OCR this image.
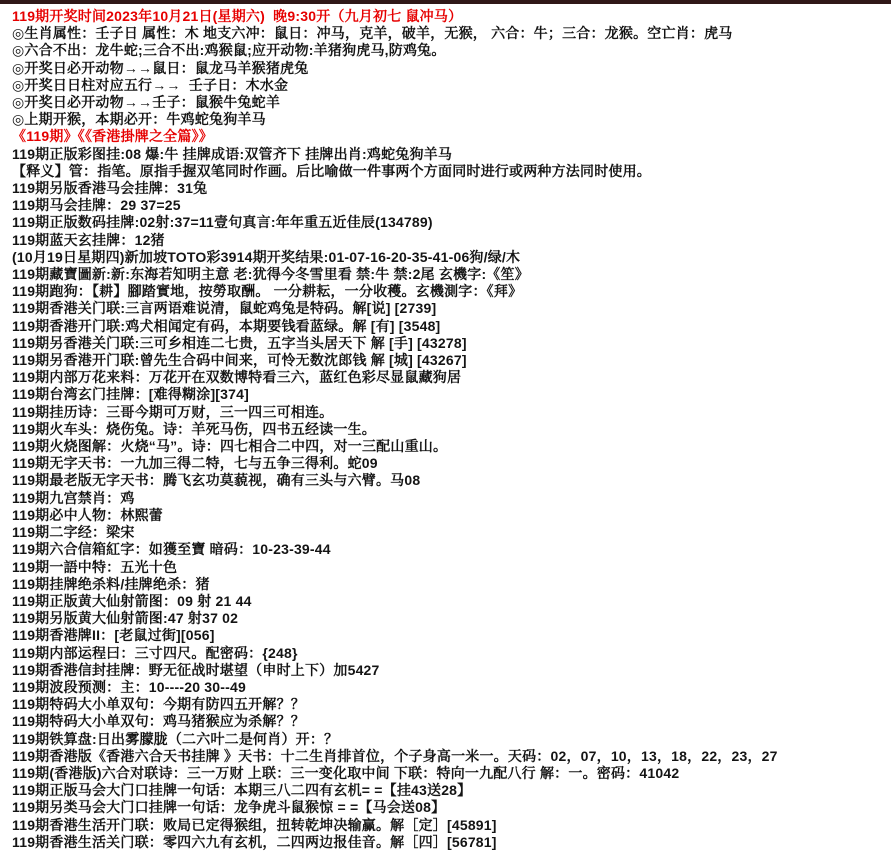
119期开奖时间2023年10月21日(星期六)  晚9:30开（九月初七 鼠冲马）
◎生肖属性：壬子日 属性：木 地支六冲：鼠日：冲马，克羊，破羊，无猴， 六合：牛；三合：龙猴。空亡肖：虎马
◎六合不出：龙牛蛇;三合不出:鸡猴鼠;应开动物:羊猪狗虎马,防鸡兔。
◎开奖日必开动物→→鼠日：鼠龙马羊猴猪虎兔
◎开奖日日柱对应五行→→  壬子日：木水金
◎开奖日必开动物→→壬子：鼠猴牛兔蛇羊
◎上期开猴，本期必开：牛鸡蛇兔狗羊马
《119期》《《香港掛牌之全篇》》
119期正版彩图挂:08 爆:牛 挂牌成语:双管齐下 挂牌出肖:鸡蛇兔狗羊马
【释义】管：指笔。原指手握双笔同时作画。后比喻做一件事两个方面同时进行或两种方法同时使用。
119期另版香港马会挂牌：31兔
119期马会挂牌：29 37=25
119期正版数码挂牌:02射:37=11壹句真言:年年重五近佳辰(134789)
119期蓝天玄挂牌：12猪
(10月19日星期四)新加坡TOTO彩3914期开奖结果:01-07-16-20-35-41-06狗/绿/木
119期藏寶圖新:新:东海若知明主意 老:犹得今冬雪里看 禁:牛 禁:2尾 玄機字:《笙》
119期跑狗：【耕】腳踏實地，按勞取酬。 一分耕耘，一分收穫。玄機測字：《拜》
119期香港关门联:三言两语难说清，鼠蛇鸡兔是特码。解[说] [2739]
119期香港开门联:鸡犬相闻定有码，本期要钱看蓝绿。解 [有] [3548]
119期另香港关门联:三可乡相连二七贵，五字当头居天下 解 [手] [43278]
119期另香港开门联:曾先生合码中间来，可怜无数沈郎钱 解 [城] [43267]
119期内部万花来料：万花开在双数博特看三六，蓝红色彩尽显鼠藏狗居
119期台湾玄门挂牌：[难得糊涂][374]
119期挂历诗：三哥今期可万财，三一四三可相连。
119期火车头：烧伤兔。诗：羊死马伤，四书五经读一生。
119期火烧图解：火烧“马”。诗：四七相合二中四，对一三配山重山。
119期无字天书：一九加三得二特，七与五争三得利。蛇09
119期最老版无字天书：腾飞玄功莫藐视，确有三头与六臂。马08
119期九宫禁肖：鸡
119期必中人物：林熙蕾
119期二字经：梁宋
119期六合信箱紅字：如獲至寶 暗码：10-23-39-44
119期一語中特：五光十色
119期挂牌绝杀料/挂牌绝杀：猪
119期正版黄大仙射箭图：09 射 21 44
119期另版黄大仙射箭图:47 射37 02
119期香港牌II：[老鼠过街][056]
119期内部运程曰：三寸四尺。配密码：{248}
119期香港信封挂牌：野无征战时堪望（申时上下）加5427
119期波段预测：主：10----20 30--49
119期特码大小单双句：今期有防四五开解？？
119期特码大小单双句：鸡马猪猴应为杀解？？
119期铁算盘:日出雾朦胧（二六叶二是何肖）开：？
119期香港版《香港六合天书挂牌 》天书：十二生肖排首位，个子身高一米一。天码：02，07，10，13，18，22，23，27
119期(香港版)六合对联诗：三一万财 上联：三一变化取中间 下联：特向一九配八行 解：一。密码：41042
119期正版马会大门口挂牌一句话：本期三八二四有玄机= =【挂43送28】
119期另类马会大门口挂牌一句话：龙争虎斗鼠猴惊 = =【马会送08】
119期香港生活开门联：败局已定得猴组，扭转乾坤决输赢。解［定］[45891]
119期香港生活关门联：零四六九有玄机，二四两边报佳音。解［四］[56781]
